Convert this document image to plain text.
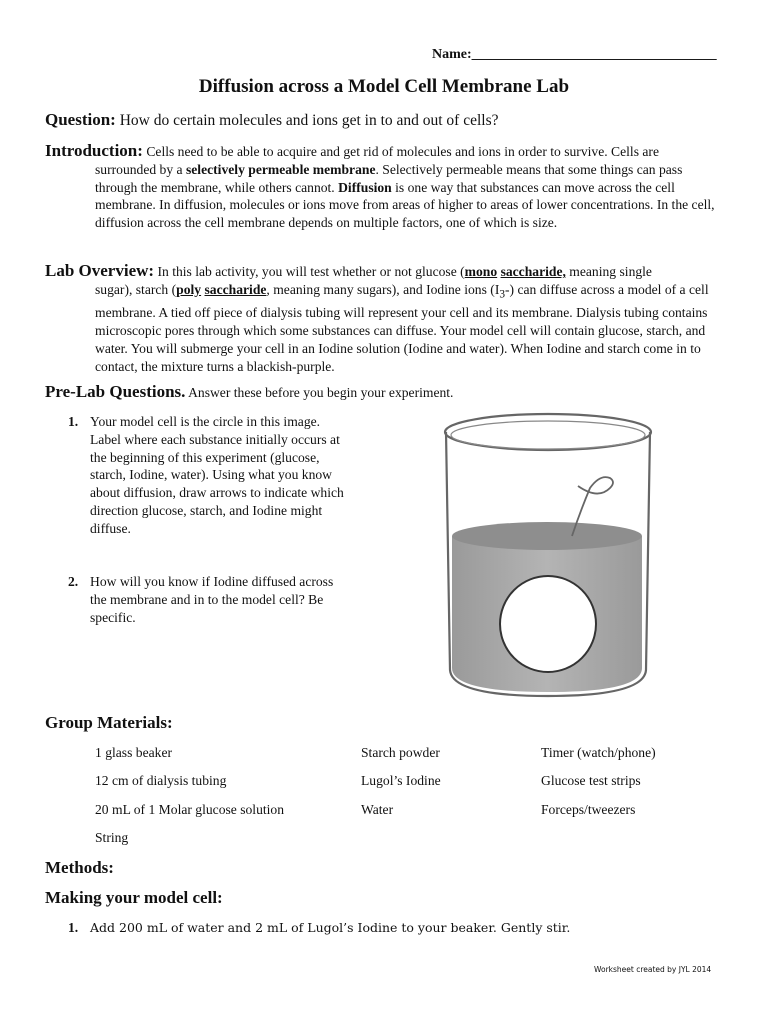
Name:___________________________________
Diffusion across a Model Cell Membrane Lab
Question: How do certain molecules and ions get in to and out of cells?
Introduction: Cells need to be able to acquire and get rid of molecules and ions in order to survive. Cells are
surrounded by a selectively permeable membrane. Selectively permeable means that some things can pass through the membrane, while others cannot. Diffusion is one way that substances can move across the cell membrane. In diffusion, molecules or ions move from areas of higher to areas of lower concentrations. In the cell, diffusion across the cell membrane depends on multiple factors, one of which is size.
Lab Overview: In this lab activity, you will test whether or not glucose (mono saccharide, meaning single
sugar), starch (poly saccharide, meaning many sugars), and Iodine ions $(I_3-)$ can diffuse across a model of a cell membrane. A tied off piece of dialysis tubing will represent your cell and its membrane. Dialysis tubing contains microscopic pores through which some substances can diffuse. Your model cell will contain glucose, starch, and water. You will submerge your cell in an Iodine solution (Iodine and water). When Iodine and starch come in to contact, the mixture turns a blackish-purple.
Pre-Lab Questions. Answer these before you begin your experiment.
1. Your model cell is the circle in this image. Label where each substance initially occurs at the beginning of this experiment (glucose, starch, Iodine, water). Using what you know about diffusion, draw arrows to indicate which direction glucose, starch, and Iodine might diffuse.
2. How will you know if Iodine diffused across the membrane and in to the model cell? Be specific.
Group Materials:
1 glass beaker
12 cm of dialysis tubing
20 mL of 1 Molar glucose solution
String
Starch powder
Lugol’s Iodine
Water
Timer (watch/phone)
Glucose test strips
Forceps/tweezers
Methods:
Making your model cell:
1. Add 200 mL of water and 2 mL of Lugol’s Iodine to your beaker. Gently stir.
Worksheet created by JYL 2014
